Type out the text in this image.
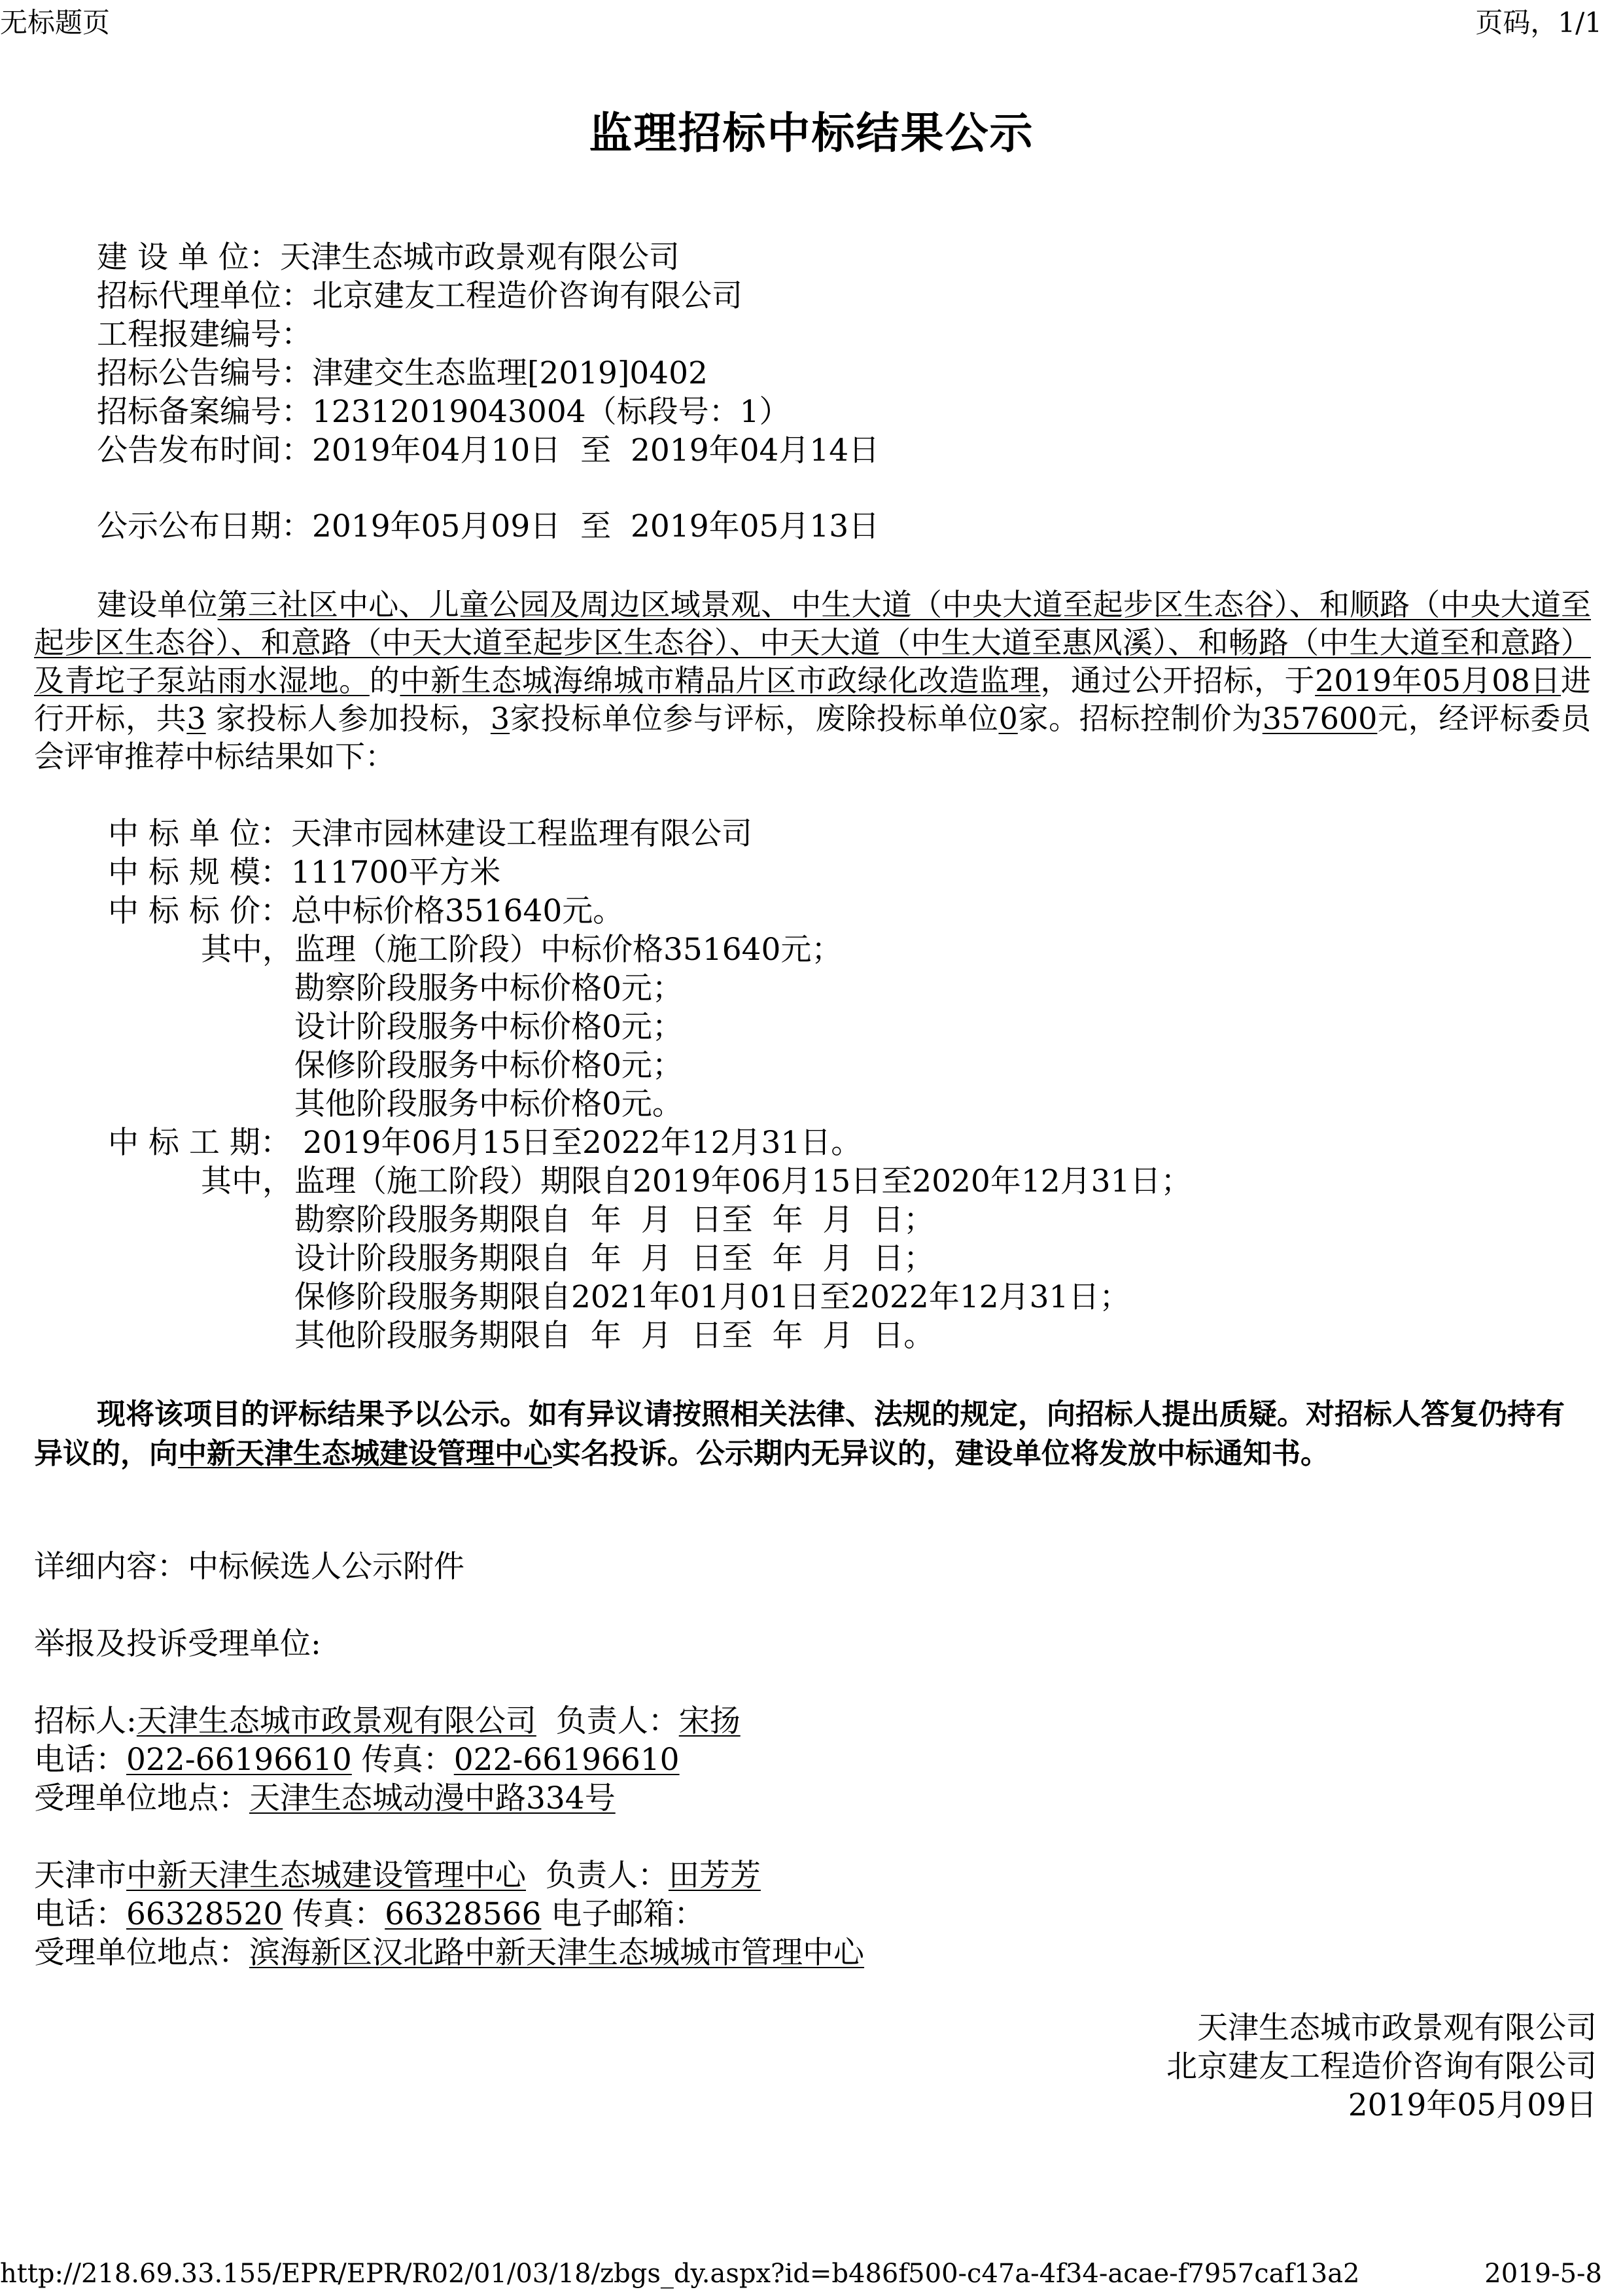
无标题页	页码，1/1
监理招标中标结果公示
建 设 单 位：天津生态城市政景观有限公司
招标代理单位：北京建友工程造价咨询有限公司
工程报建编号：
招标公告编号：津建交生态监理[2019]0402
招标备案编号：12312019043004（标段号：1）
公告发布时间：2019年04月10日  至  2019年04月14日
公示公布日期：2019年05月09日  至  2019年05月13日
建设单位第三社区中心、儿童公园及周边区域景观、中生大道（中央大道至起步区生态谷）、和顺路（中央大道至起步区生态谷）、和意路（中天大道至起步区生态谷）、中天大道（中生大道至惠风溪）、和畅路（中生大道至和意路）及青坨子泵站雨水湿地。的中新生态城海绵城市精品片区市政绿化改造监理，通过公开招标，于2019年05月08日进行开标，共3 家投标人参加投标，3家投标单位参与评标，废除投标单位0家。招标控制价为357600元，经评标委员会评审推荐中标结果如下：
中 标 单 位：天津市园林建设工程监理有限公司
中 标 规 模：111700平方米
中 标 标 价：总中标价格351640元。
其中， 监理（施工阶段）中标价格351640元；
勘察阶段服务中标价格0元；
设计阶段服务中标价格0元；
保修阶段服务中标价格0元；
其他阶段服务中标价格0元。
中 标 工 期： 2019年06月15日至2022年12月31日。
其中， 监理（施工阶段）期限自2019年06月15日至2020年12月31日；
勘察阶段服务期限自  年  月  日至  年  月  日；
设计阶段服务期限自  年  月  日至  年  月  日；
保修阶段服务期限自2021年01月01日至2022年12月31日；
其他阶段服务期限自  年  月  日至  年  月  日。
现将该项目的评标结果予以公示。如有异议请按照相关法律、法规的规定，向招标人提出质疑。对招标人答复仍持有异议的，向中新天津生态城建设管理中心实名投诉。公示期内无异议的，建设单位将发放中标通知书。
详细内容：中标候选人公示附件
举报及投诉受理单位:
招标人:天津生态城市政景观有限公司  负责人：宋扬
电话：022-66196610 传真：022-66196610
受理单位地点：天津生态城动漫中路334号
天津市中新天津生态城建设管理中心  负责人：田芳芳
电话：66328520 传真：66328566 电子邮箱：
受理单位地点：滨海新区汉北路中新天津生态城城市管理中心
天津生态城市政景观有限公司
北京建友工程造价咨询有限公司
2019年05月09日
http://218.69.33.155/EPR/EPR/R02/01/03/18/zbgs_dy.aspx?id=b486f500-c47a-4f34-acae-f7957caf13a2	2019-5-8
